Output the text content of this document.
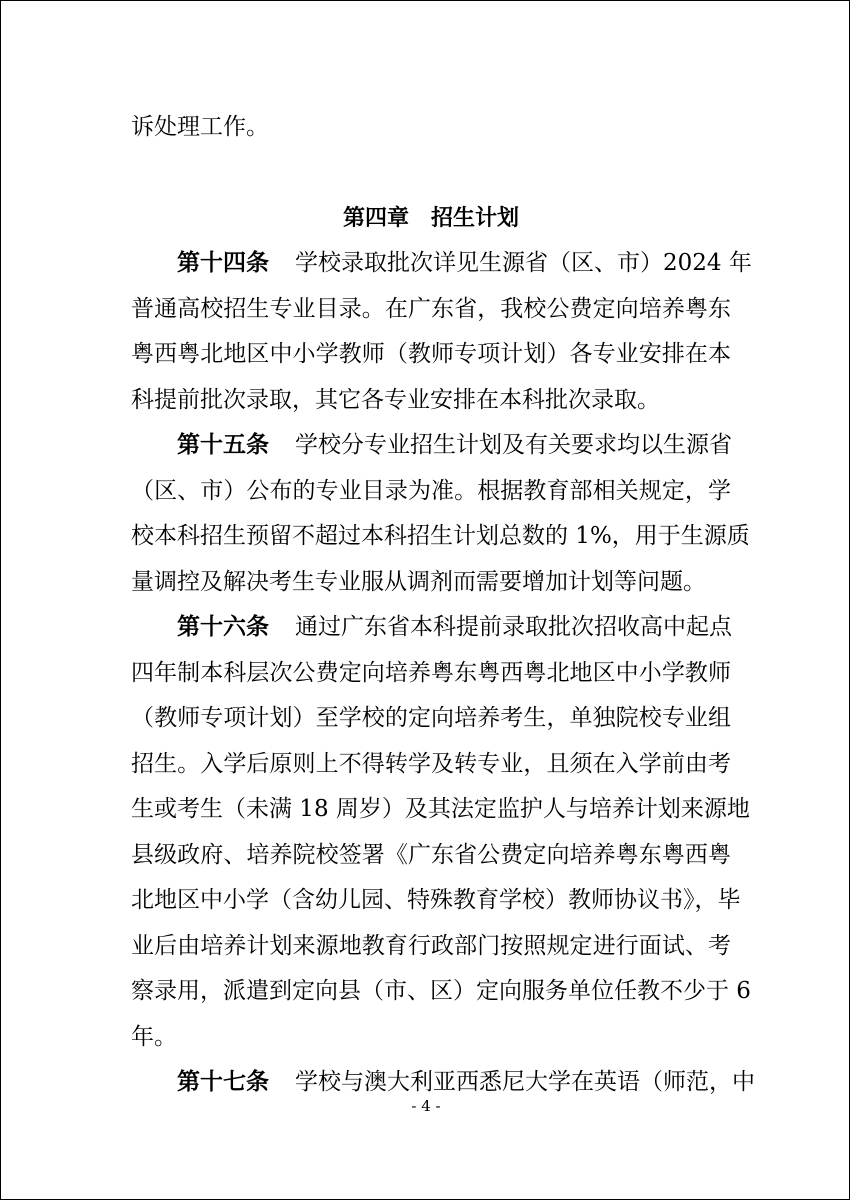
诉处理工作。
第四章 招生计划
第十四条 学校录取批次详见生源省（区、市）2024 年
普通高校招生专业目录。在广东省，我校公费定向培养粤东
粤西粤北地区中小学教师（教师专项计划）各专业安排在本
科提前批次录取，其它各专业安排在本科批次录取。
第十五条 学校分专业招生计划及有关要求均以生源省
（区、市）公布的专业目录为准。根据教育部相关规定，学
校本科招生预留不超过本科招生计划总数的 1%，用于生源质
量调控及解决考生专业服从调剂而需要增加计划等问题。
第十六条 通过广东省本科提前录取批次招收高中起点
四年制本科层次公费定向培养粤东粤西粤北地区中小学教师
（教师专项计划）至学校的定向培养考生，单独院校专业组
招生。入学后原则上不得转学及转专业，且须在入学前由考
生或考生（未满 18 周岁）及其法定监护人与培养计划来源地
县级政府、培养院校签署《广东省公费定向培养粤东粤西粤
北地区中小学（含幼儿园、特殊教育学校）教师协议书》，毕
业后由培养计划来源地教育行政部门按照规定进行面试、考
察录用，派遣到定向县（市、区）定向服务单位任教不少于 6
年。
第十七条 学校与澳大利亚西悉尼大学在英语（师范，中
- 4 -
